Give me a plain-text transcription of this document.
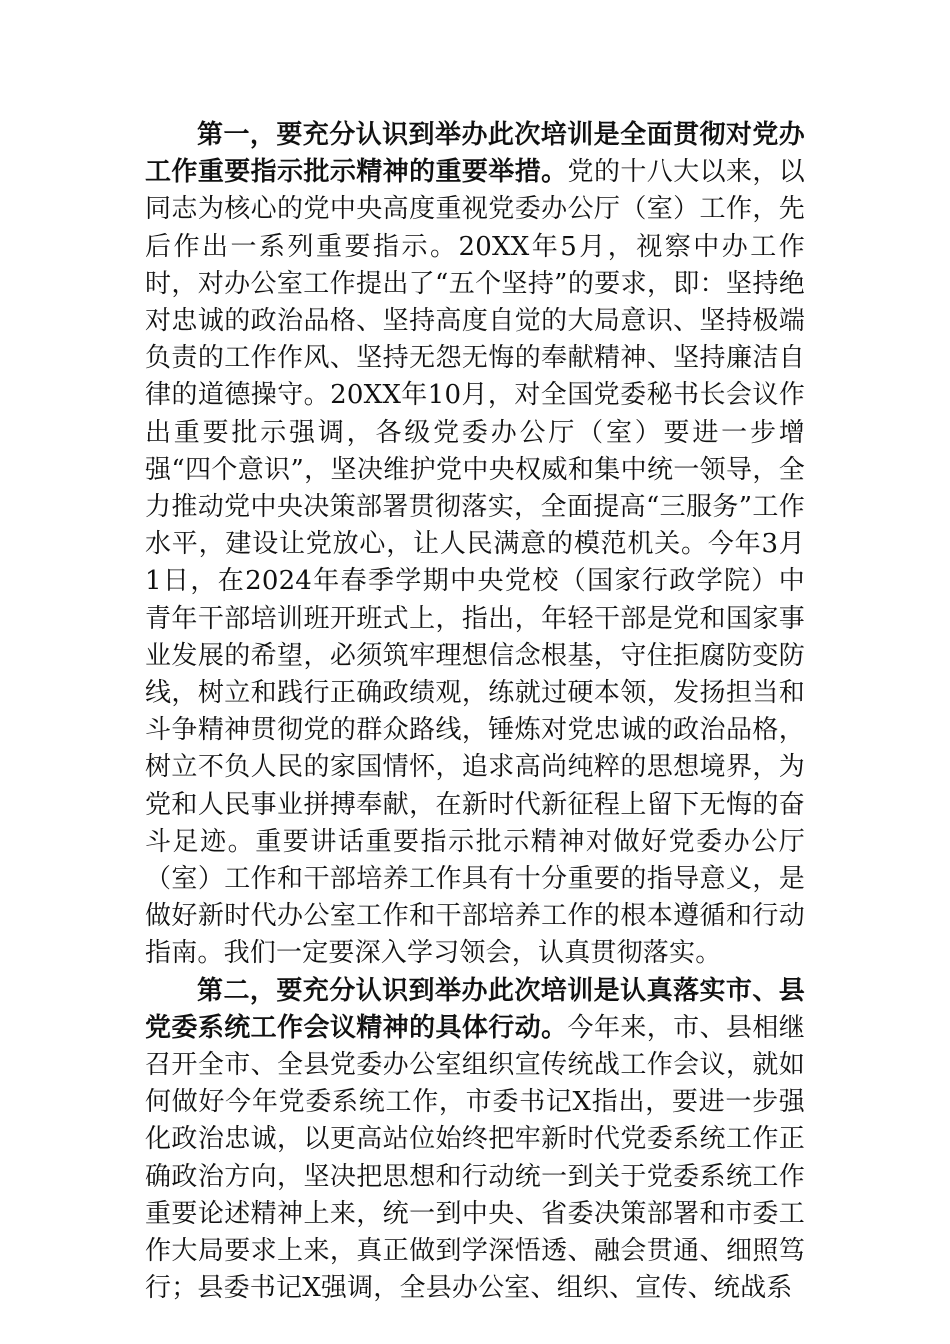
第一，要充分认识到举办此次培训是全面贯彻对党办工作重要指示批示精神的重要举措。党的十八大以来，以同志为核心的党中央高度重视党委办公厅（室）工作，先后作出一系列重要指示。20XX年5月，视察中办工作时，对办公室工作提出了“五个坚持”的要求，即：坚持绝对忠诚的政治品格、坚持高度自觉的大局意识、坚持极端负责的工作作风、坚持无怨无悔的奉献精神、坚持廉洁自律的道德操守。20XX年10月，对全国党委秘书长会议作出重要批示强调，各级党委办公厅（室）要进一步增强“四个意识”，坚决维护党中央权威和集中统一领导，全力推动党中央决策部署贯彻落实，全面提高“三服务”工作水平，建设让党放心，让人民满意的模范机关。今年3月1日，在2024年春季学期中央党校（国家行政学院）中青年干部培训班开班式上，指出，年轻干部是党和国家事业发展的希望，必须筑牢理想信念根基，守住拒腐防变防线，树立和践行正确政绩观，练就过硬本领，发扬担当和斗争精神贯彻党的群众路线，锤炼对党忠诚的政治品格，树立不负人民的家国情怀，追求高尚纯粹的思想境界，为党和人民事业拼搏奉献，在新时代新征程上留下无悔的奋斗足迹。重要讲话重要指示批示精神对做好党委办公厅（室）工作和干部培养工作具有十分重要的指导意义，是做好新时代办公室工作和干部培养工作的根本遵循和行动指南。我们一定要深入学习领会，认真贯彻落实。

第二，要充分认识到举办此次培训是认真落实市、县党委系统工作会议精神的具体行动。今年来，市、县相继召开全市、全县党委办公室组织宣传统战工作会议，就如何做好今年党委系统工作，市委书记X指出，要进一步强化政治忠诚，以更高站位始终把牢新时代党委系统工作正确政治方向，坚决把思想和行动统一到关于党委系统工作重要论述精神上来，统一到中央、省委决策部署和市委工作大局要求上来，真正做到学深悟透、融会贯通、细照笃行；县委书记X强调，全县办公室、组织、宣传、统战系
